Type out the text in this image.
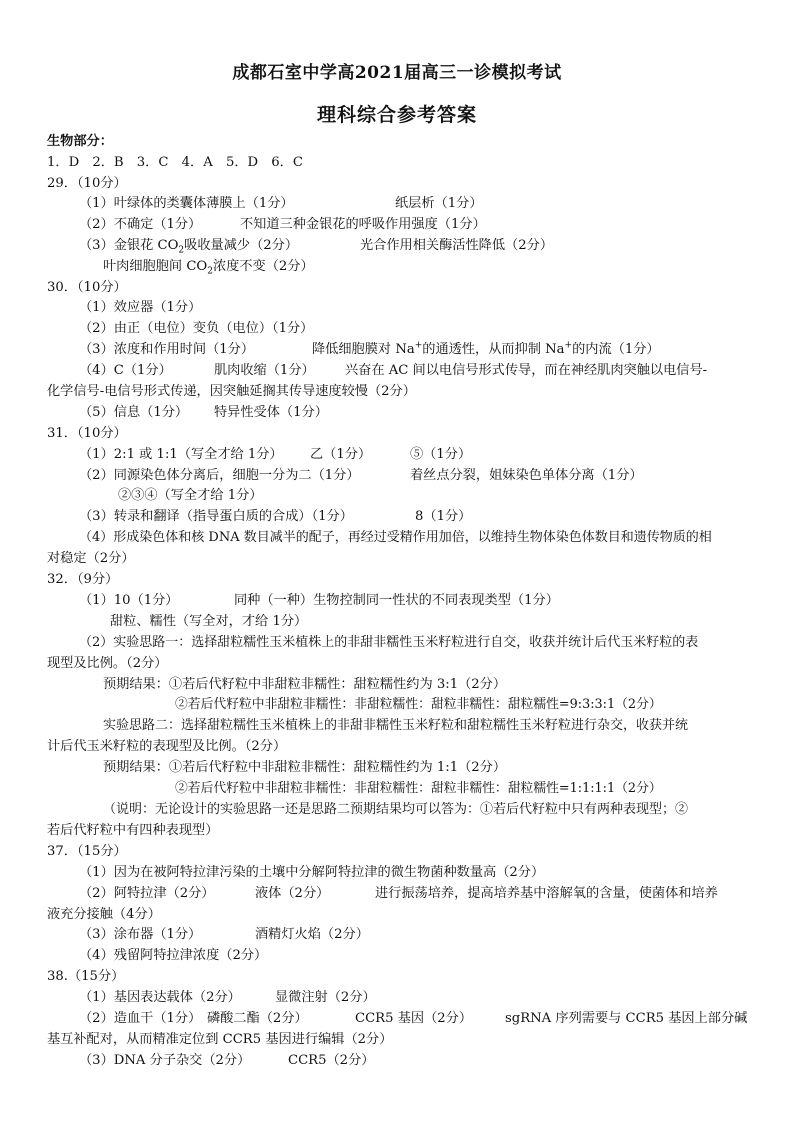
成都石室中学高2021届高三一诊模拟考试
理科综合参考答案
生物部分：
1．D　2．B　3．C　4．A　5．D　6．C
29．（10分）
（1）叶绿体的类囊体薄膜上（1分）	纸层析（1分）
（2）不确定（1分）	不知道三种金银花的呼吸作用强度（1分）
（3）金银花 $CO_2$吸收量减少（2分）	光合作用相关酶活性降低（2分）
叶肉细胞胞间 $CO_2$浓度不变（2分）
30．（10分）
（1）效应器（1分）
（2）由正（电位）变负（电位）（1分）
（3）浓度和作用时间（1分）	降低细胞膜对 Na+的通透性，从而抑制 Na+的内流（1分）
（4）C（1分）	肌肉收缩（1分） 兴奋在 AC 间以电信号形式传导，而在神经肌肉突触以电信号-
化学信号-电信号形式传递，因突触延搁其传导速度较慢（2分）
（5）信息（1分） 特异性受体（1分）
31．（10分）
（1）2:1 或 1:1（写全才给 1分） 乙（1分）	⑤（1分）
（2）同源染色体分离后，细胞一分为二（1分）	着丝点分裂，姐妹染色单体分离（1分）
②③④（写全才给 1分）
（3）转录和翻译（指导蛋白质的合成）（1分）	8（1分）
（4）形成染色体和核 DNA 数目减半的配子，再经过受精作用加倍，以维持生物体染色体数目和遗传物质的相
对稳定（2分）
32．（9分）
（1）10（1分）	同种（一种）生物控制同一性状的不同表现类型（1分）
甜粒、糯性（写全对，才给 1分）
（2）实验思路一：选择甜粒糯性玉米植株上的非甜非糯性玉米籽粒进行自交，收获并统计后代玉米籽粒的表
现型及比例。（2分）
预期结果：①若后代籽粒中非甜粒非糯性：甜粒糯性约为 3:1（2分）
②若后代籽粒中非甜粒非糯性：非甜粒糯性：甜粒非糯性：甜粒糯性=9:3:3:1（2分）
实验思路二：选择甜粒糯性玉米植株上的非甜非糯性玉米籽粒和甜粒糯性玉米籽粒进行杂交，收获并统
计后代玉米籽粒的表现型及比例。（2分）
预期结果：①若后代籽粒中非甜粒非糯性：甜粒糯性约为 1:1（2分）
②若后代籽粒中非甜粒非糯性：非甜粒糯性：甜粒非糯性：甜粒糯性=1:1:1:1（2分）
（说明：无论设计的实验思路一还是思路二预期结果均可以答为：①若后代籽粒中只有两种表现型；②
若后代籽粒中有四种表现型）
37．（15分）
（1）因为在被阿特拉津污染的土壤中分解阿特拉津的微生物菌种数量高（2分）
（2）阿特拉津（2分）	液体（2分）	进行振荡培养，提高培养基中溶解氧的含量，使菌体和培养
液充分接触（4分）
（3）涂布器（1分）	酒精灯火焰（2分）
（4）残留阿特拉津浓度（2分）
38.（15分）
（1）基因表达载体（2分）	显微注射（2分）
（2）造血干（1分） 磷酸二酯（2分）	CCR5 基因（2分） sgRNA 序列需要与 CCR5 基因上部分碱
基互补配对，从而精准定位到 CCR5 基因进行编辑（2分）
（3）DNA 分子杂交（2分）	CCR5（2分）
